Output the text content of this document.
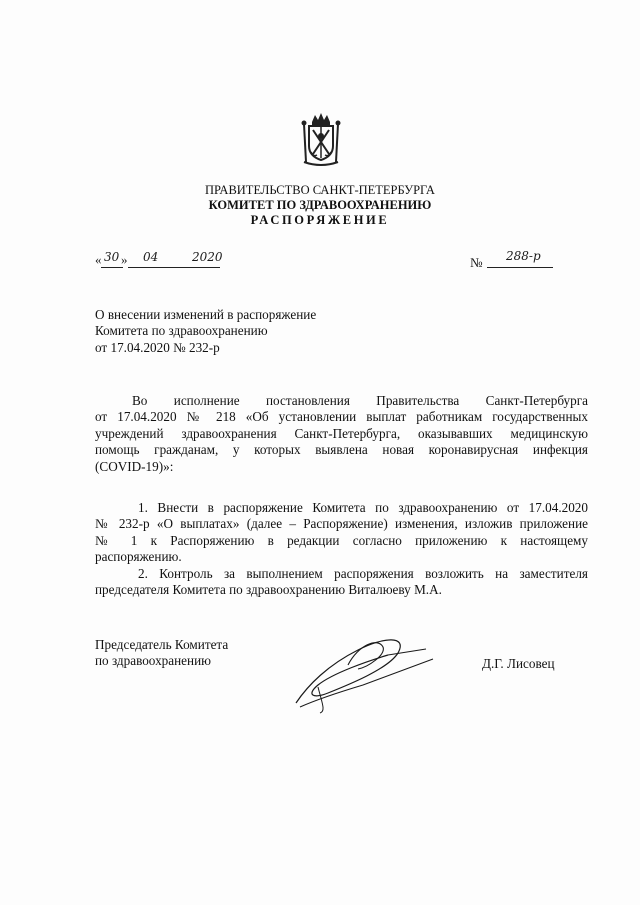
ПРАВИТЕЛЬСТВО САНКТ-ПЕТЕРБУРГА
КОМИТЕТ ПО ЗДРАВООХРАНЕНИЮ
РАСПОРЯЖЕНИЕ
« 30 » 04	2020	№ 288-р
О внесении изменений в распоряжение
Комитета по здравоохранению
от 17.04.2020 № 232-р
Во исполнение постановления Правительства Санкт-Петербурга
от 17.04.2020 № 218 «Об установлении выплат работникам государственных
учреждений здравоохранения Санкт-Петербурга, оказывавших медицинскую
помощь гражданам, у которых выявлена новая коронавирусная инфекция
(COVID-19)»:
1. Внести в распоряжение Комитета по здравоохранению от 17.04.2020
№ 232-р «О выплатах» (далее – Распоряжение) изменения, изложив приложение
№ 1 к Распоряжению в редакции согласно приложению к настоящему
распоряжению.
2. Контроль за выполнением распоряжения возложить на заместителя
председателя Комитета по здравоохранению Виталюеву М.А.
Председатель Комитета
по здравоохранению	Д.Г. Лисовец
